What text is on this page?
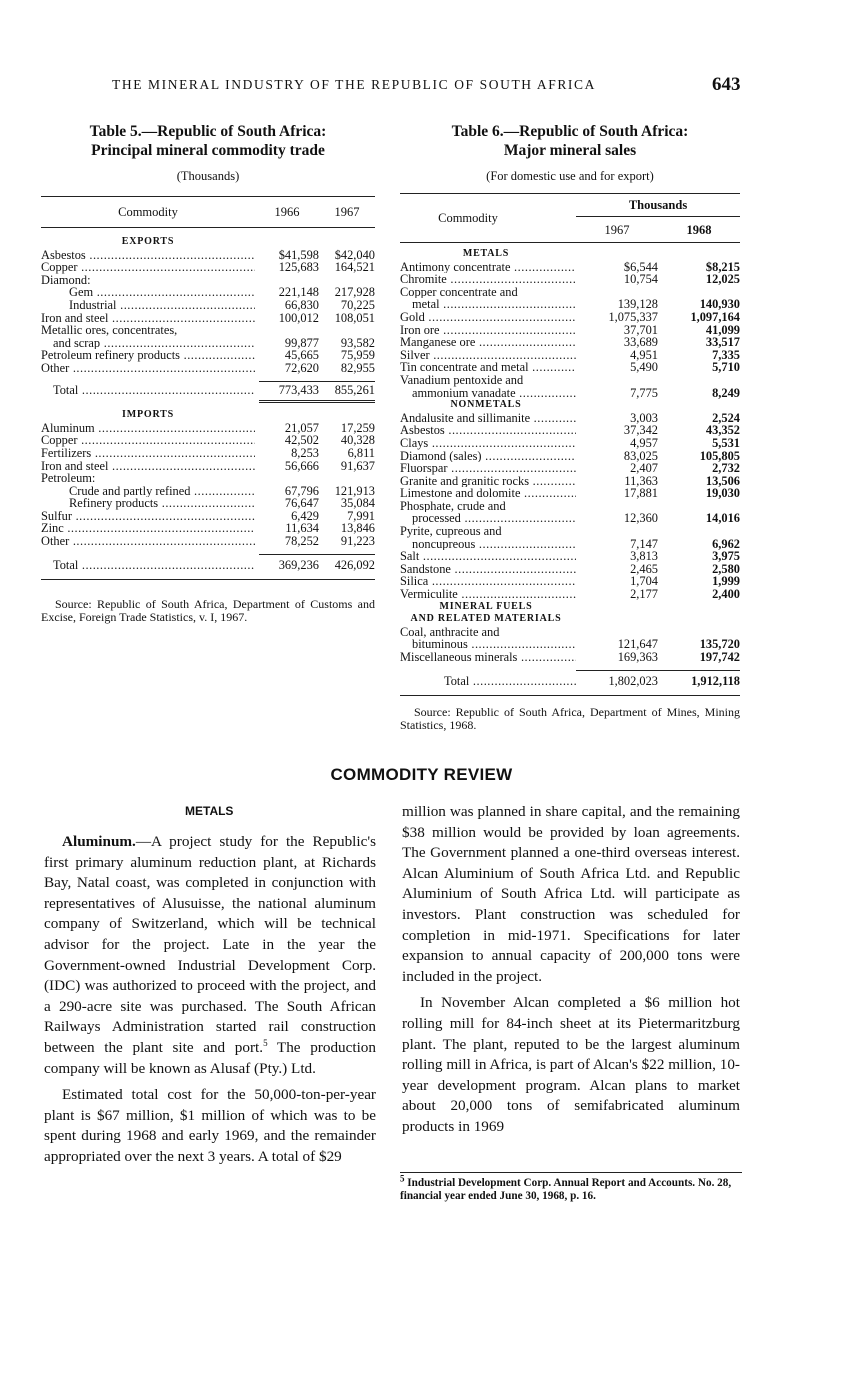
THE MINERAL INDUSTRY OF THE REPUBLIC OF SOUTH AFRICA	643
Table 5.—Republic of South Africa:
Principal mineral commodity trade
(Thousands)
Commodity	1966	1967
EXPORTS
Asbestos .....	$41,598	$42,040
Copper .....	125,683	164,521
Diamond:
Gem .....	221,148	217,928
Industrial .....	66,830	70,225
Iron and steel .....	100,012	108,051
Metallic ores, concentrates,
and scrap .....	99,877	93,582
Petroleum refinery products .....	45,665	75,959
Other .....	72,620	82,955
Total .....	773,433	855,261
IMPORTS
Aluminum .....	21,057	17,259
Copper .....	42,502	40,328
Fertilizers .....	8,253	6,811
Iron and steel .....	56,666	91,637
Petroleum:
Crude and partly refined .....	67,796	121,913
Refinery products .....	76,647	35,084
Sulfur .....	6,429	7,991
Zinc .....	11,634	13,846
Other .....	78,252	91,223
Total .....	369,236	426,092
Source: Republic of South Africa, Department of Customs and Excise, Foreign Trade Statistics, v. I, 1967.
Table 6.—Republic of South Africa:
Major mineral sales
(For domestic use and for export)
Commodity
Thousands
1967	1968
METALS
Antimony concentrate .....	$6,544	$8,215
Chromite .....	10,754	12,025
Copper concentrate and
metal .....	139,128	140,930
Gold .....	1,075,337	1,097,164
Iron ore .....	37,701	41,099
Manganese ore .....	33,689	33,517
Silver .....	4,951	7,335
Tin concentrate and metal .....	5,490	5,710
Vanadium pentoxide and
ammonium vanadate .....	7,775	8,249
NONMETALS
Andalusite and sillimanite .....	3,003	2,524
Asbestos .....	37,342	43,352
Clays .....	4,957	5,531
Diamond (sales) .....	83,025	105,805
Fluorspar .....	2,407	2,732
Granite and granitic rocks .....	11,363	13,506
Limestone and dolomite .....	17,881	19,030
Phosphate, crude and
processed .....	12,360	14,016
Pyrite, cupreous and
noncupreous .....	7,147	6,962
Salt .....	3,813	3,975
Sandstone .....	2,465	2,580
Silica .....	1,704	1,999
Vermiculite .....	2,177	2,400
MINERAL FUELS
AND RELATED MATERIALS
Coal, anthracite and
bituminous .....	121,647	135,720
Miscellaneous minerals .....	169,363	197,742
Total .....	1,802,023	1,912,118
Source: Republic of South Africa, Department of Mines, Mining Statistics, 1968.
COMMODITY REVIEW
METALS

Aluminum.—A project study for the Republic's first primary aluminum reduction plant, at Richards Bay, Natal coast, was completed in conjunction with representatives of Alusuisse, the national aluminum company of Switzerland, which will be technical advisor for the project. Late in the year the Government-owned Industrial Development Corp. (IDC) was authorized to proceed with the project, and a 290-acre site was purchased. The South African Railways Administration started rail construction between the plant site and port.$^5$ The production company will be known as Alusaf (Pty.) Ltd.

Estimated total cost for the 50,000-ton-per-year plant is $67 million, $1 million of which was to be spent during 1968 and early 1969, and the remainder appropriated over the next 3 years. A total of $29

million was planned in share capital, and the remaining $38 million would be provided by loan agreements. The Government planned a one-third overseas interest. Alcan Aluminium of South Africa Ltd. and Republic Aluminium of South Africa Ltd. will participate as investors. Plant construction was scheduled for completion in mid-1971. Specifications for later expansion to annual capacity of 200,000 tons were included in the project.

In November Alcan completed a $6 million hot rolling mill for 84-inch sheet at its Pietermaritzburg plant. The plant, reputed to be the largest aluminum rolling mill in Africa, is part of Alcan's $22 million, 10-year development program. Alcan plans to market about 20,000 tons of semifabricated aluminum products in 1969

$^5$ Industrial Development Corp. Annual Report and Accounts. No. 28, financial year ended June 30, 1968, p. 16.
